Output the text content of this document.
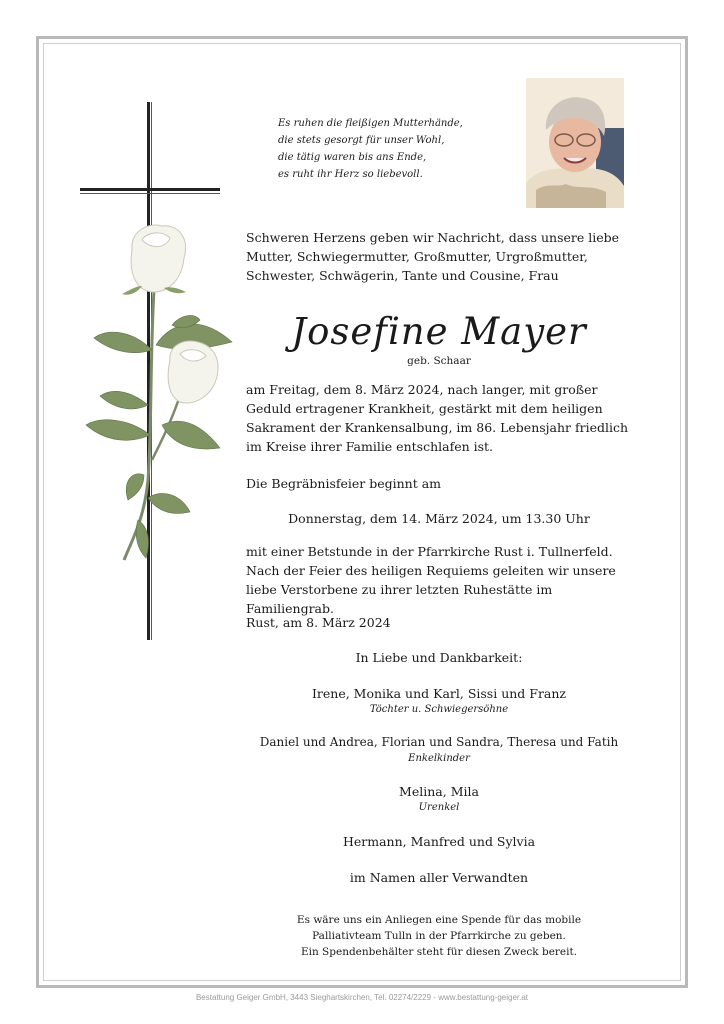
Es ruhen die fleißigen Mutterhände,
die stets gesorgt für unser Wohl,
die tätig waren bis ans Ende,
es ruht ihr Herz so liebevoll.
Schweren Herzens geben wir Nachricht, dass unsere liebe Mutter, Schwiegermutter, Großmutter, Urgroßmutter, Schwester, Schwägerin, Tante und Cousine, Frau
Josefine Mayer
geb. Schaar
am Freitag, dem 8. März 2024, nach langer, mit großer Geduld ertragener Krankheit, gestärkt mit dem heiligen Sakrament der Krankensalbung, im 86. Lebensjahr friedlich im Kreise ihrer Familie entschlafen ist.
Die Begräbnisfeier beginnt am
Donnerstag, dem 14. März 2024, um 13.30 Uhr
mit einer Betstunde in der Pfarrkirche Rust i. Tullnerfeld. Nach der Feier des heiligen Requiems geleiten wir unsere liebe Verstorbene zu ihrer letzten Ruhestätte im Familiengrab.
Rust, am 8. März 2024
In Liebe und Dankbarkeit:
Irene, Monika und Karl, Sissi und Franz
Töchter u. Schwiegersöhne
Daniel und Andrea, Florian und Sandra, Theresa und Fatih
Enkelkinder
Melina, Mila
Urenkel
Hermann, Manfred und Sylvia
im Namen aller Verwandten
Es wäre uns ein Anliegen eine Spende für das mobile
Palliativteam Tulln in der Pfarrkirche zu geben.
Ein Spendenbehälter steht für diesen Zweck bereit.
Bestattung Geiger GmbH, 3443 Sieghartskirchen, Tel. 02274/2229 - www.bestattung-geiger.at
